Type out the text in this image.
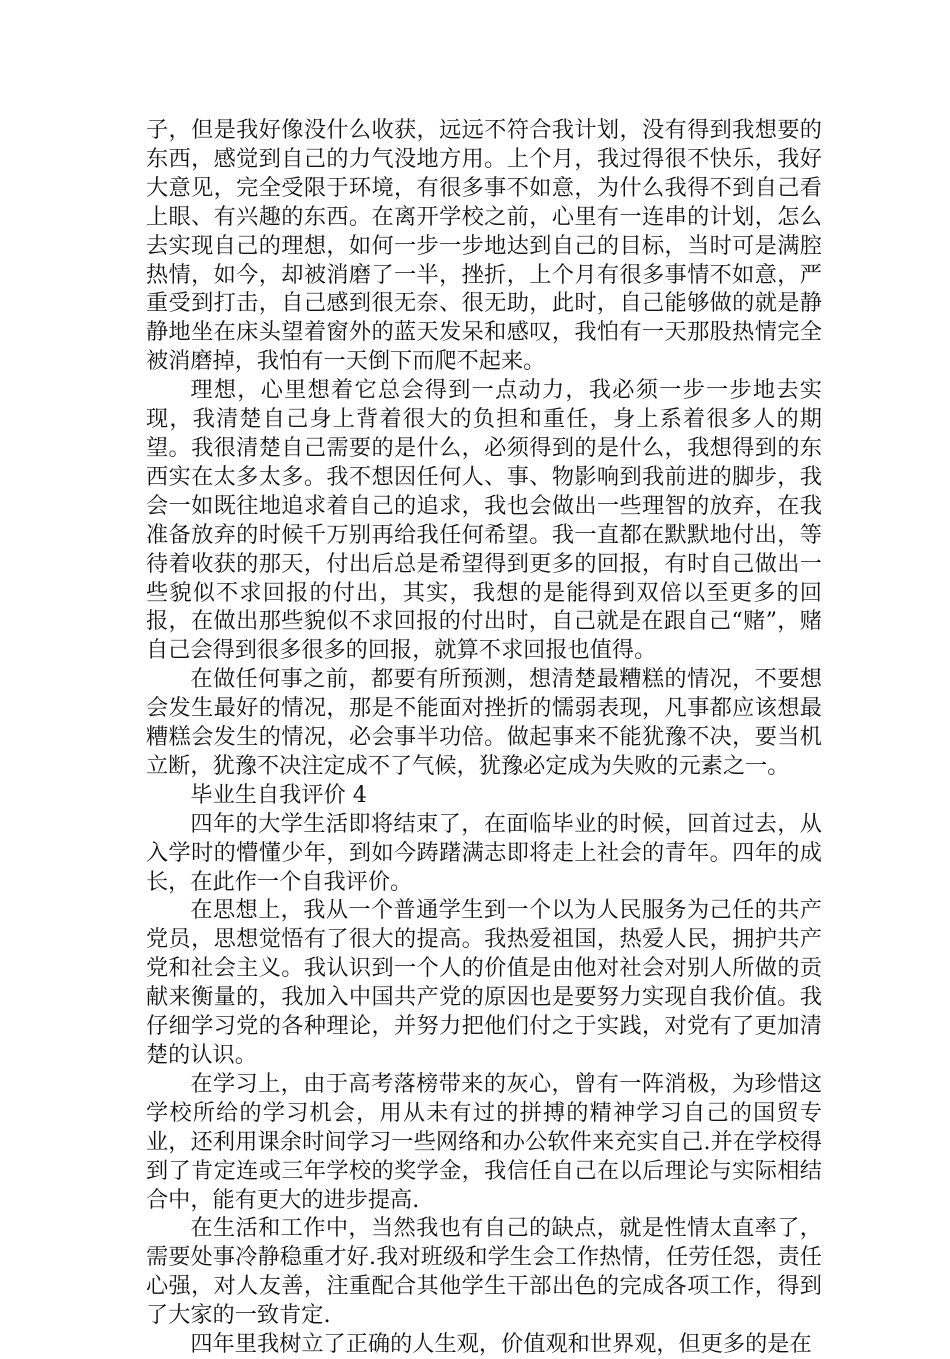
子，但是我好像没什么收获，远远不符合我计划，没有得到我想要的东西，感觉到自己的力气没地方用。上个月，我过得很不快乐，我好大意见，完全受限于环境，有很多事不如意，为什么我得不到自己看上眼、有兴趣的东西。在离开学校之前，心里有一连串的计划，怎么去实现自己的理想，如何一步一步地达到自己的目标，当时可是满腔热情，如今，却被消磨了一半，挫折，上个月有很多事情不如意，严重受到打击，自己感到很无奈、很无助，此时，自己能够做的就是静静地坐在床头望着窗外的蓝天发呆和感叹，我怕有一天那股热情完全被消磨掉，我怕有一天倒下而爬不起来。

理想，心里想着它总会得到一点动力，我必须一步一步地去实现，我清楚自己身上背着很大的负担和重任，身上系着很多人的期望。我很清楚自己需要的是什么，必须得到的是什么，我想得到的东西实在太多太多。我不想因任何人、事、物影响到我前进的脚步，我会一如既往地追求着自己的追求，我也会做出一些理智的放弃，在我准备放弃的时候千万别再给我任何希望。我一直都在默默地付出，等待着收获的那天，付出后总是希望得到更多的回报，有时自己做出一些貌似不求回报的付出，其实，我想的是能得到双倍以至更多的回报，在做出那些貌似不求回报的付出时，自己就是在跟自己“赌”，赌自己会得到很多很多的回报，就算不求回报也值得。

在做任何事之前，都要有所预测，想清楚最糟糕的情况，不要想会发生最好的情况，那是不能面对挫折的懦弱表现，凡事都应该想最糟糕会发生的情况，必会事半功倍。做起事来不能犹豫不决，要当机立断，犹豫不决注定成不了气候，犹豫必定成为失败的元素之一。

毕业生自我评价 4

四年的大学生活即将结束了，在面临毕业的时候，回首过去，从入学时的懵懂少年，到如今踌躇满志即将走上社会的青年。四年的成长，在此作一个自我评价。

在思想上，我从一个普通学生到一个以为人民服务为己任的共产党员，思想觉悟有了很大的提高。我热爱祖国，热爱人民，拥护共产党和社会主义。我认识到一个人的价值是由他对社会对别人所做的贡献来衡量的，我加入中国共产党的原因也是要努力实现自我价值。我仔细学习党的各种理论，并努力把他们付之于实践，对党有了更加清楚的认识。

在学习上，由于高考落榜带来的灰心，曾有一阵消极，为珍惜这学校所给的学习机会，用从未有过的拼搏的精神学习自己的国贸专业，还利用课余时间学习一些网络和办公软件来充实自己.并在学校得到了肯定连或三年学校的奖学金，我信任自己在以后理论与实际相结合中，能有更大的进步提高.

在生活和工作中，当然我也有自己的缺点，就是性情太直率了，需要处事冷静稳重才好.我对班级和学生会工作热情，任劳任怨，责任心强，对人友善，注重配合其他学生干部出色的完成各项工作，得到了大家的一致肯定.

四年里我树立了正确的人生观，价值观和世界观，但更多的是在
